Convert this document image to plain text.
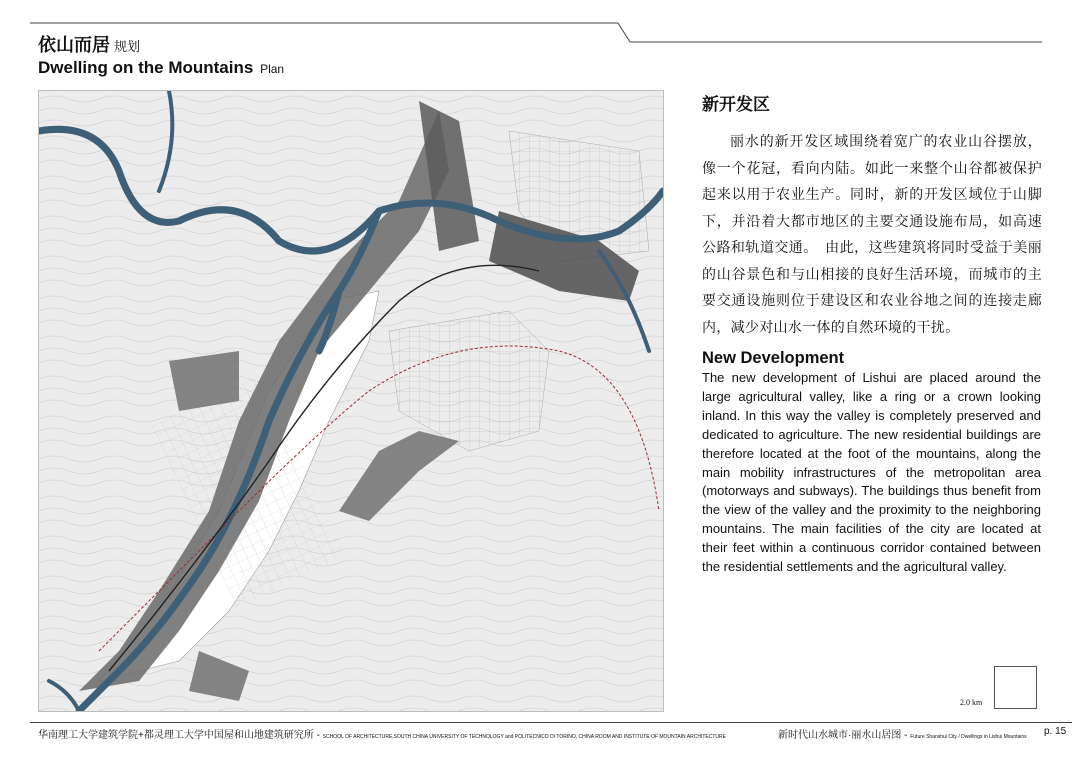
依山而居 规划
Dwelling on the Mountains Plan
新开发区
丽水的新开发区域围绕着宽广的农业山谷摆放，像一个花冠，看向内陆。如此一来整个山谷都被保护起来以用于农业生产。同时，新的开发区域位于山脚下，并沿着大都市地区的主要交通设施布局，如高速公路和轨道交通。　由此，这些建筑将同时受益于美丽的山谷景色和与山相接的良好生活环境，而城市的主要交通设施则位于建设区和农业谷地之间的连接走廊内，减少对山水一体的自然环境的干扰。
New Development
The new development of Lishui are placed around the large agricultural valley, like a ring or a crown looking inland. In this way the valley is completely preserved and dedicated to agriculture. The new residential buildings are therefore located at the foot of the mountains, along the main mobility infrastructures of the metropolitan area (motorways and subways). The buildings thus benefit from the view of the valley and the proximity to the neighboring mountains. The main facilities of the city are located at their feet within a continuous corridor contained between the residential settlements and the agricultural valley.
2.0 km
华南理工大学建筑学院+都灵理工大学中国屋和山地建筑研究所 - SCHOOL OF ARCHITECTURE,SOUTH CHINA UNIVERSITY OF TECHNOLOGY and POLITECNICO DI TORINO, CHINA ROOM AND INSTITUTE OF MOUNTAIN ARCHITECTURE	新时代山水城市·丽水山居图 - Future Shanshui City / Dwellings in Lishui Mountains p. 15
